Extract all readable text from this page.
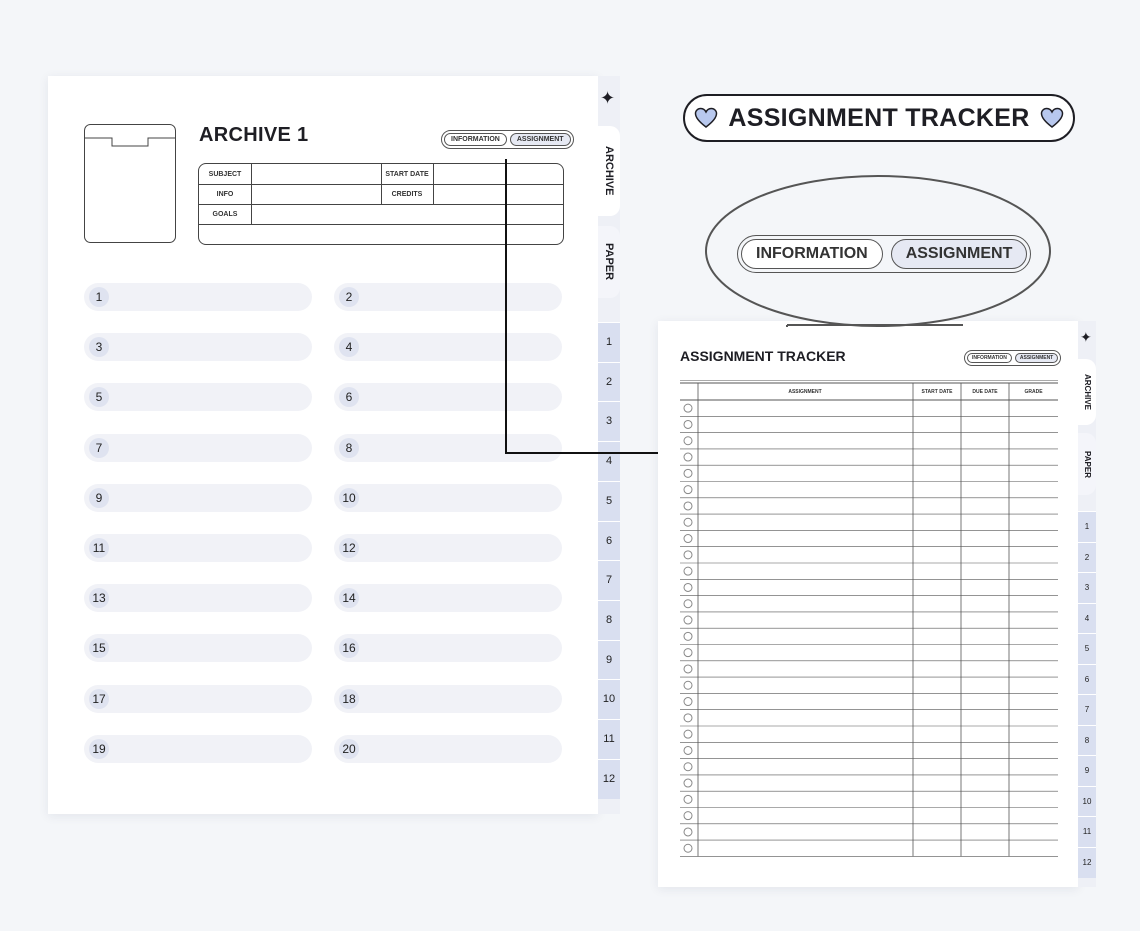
ARCHIVE 1	INFORMATION	ASSIGNMENT
SUBJECT	START DATE
INFO	CREDITS
GOALS
1	2
3	4
5	6
7	8
9	10
11	12
13	14
15	16
17	18
19	20
✦
ARCHIVE
PAPER
1
2
3
4
5
6
7
8
9
10
11
12
ASSIGNMENT TRACKER
INFORMATION	ASSIGNMENT
ASSIGNMENT TRACKER	INFORMATION	ASSIGNMENT
ASSIGNMENT	START DATE	DUE DATE	GRADE
✦
ARCHIVE
PAPER
1
2
3
4
5
6
7
8
9
10
11
12
